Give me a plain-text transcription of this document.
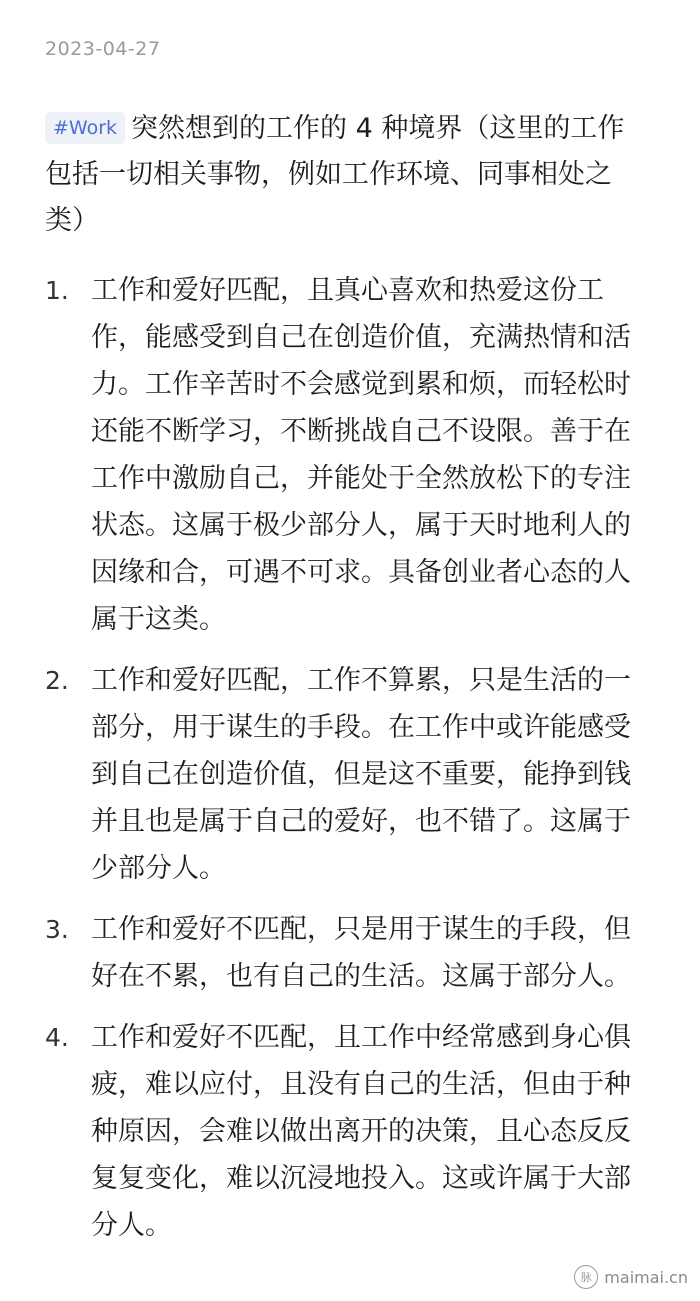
2023-04-27
#Work 突然想到的工作的 4 种境界（这里的工作包括一切相关事物，例如工作环境、同事相处之类）
1. 工作和爱好匹配，且真心喜欢和热爱这份工作，能感受到自己在创造价值，充满热情和活力。工作辛苦时不会感觉到累和烦，而轻松时还能不断学习，不断挑战自己不设限。善于在工作中激励自己，并能处于全然放松下的专注状态。这属于极少部分人，属于天时地利人的因缘和合，可遇不可求。具备创业者心态的人属于这类。
2. 工作和爱好匹配，工作不算累，只是生活的一部分，用于谋生的手段。在工作中或许能感受到自己在创造价值，但是这不重要，能挣到钱并且也是属于自己的爱好，也不错了。这属于少部分人。
3. 工作和爱好不匹配，只是用于谋生的手段，但好在不累，也有自己的生活。这属于部分人。
4. 工作和爱好不匹配，且工作中经常感到身心俱疲，难以应付，且没有自己的生活，但由于种种原因，会难以做出离开的决策，且心态反反复复变化，难以沉浸地投入。这或许属于大部分人。
脉 maimai.cn
